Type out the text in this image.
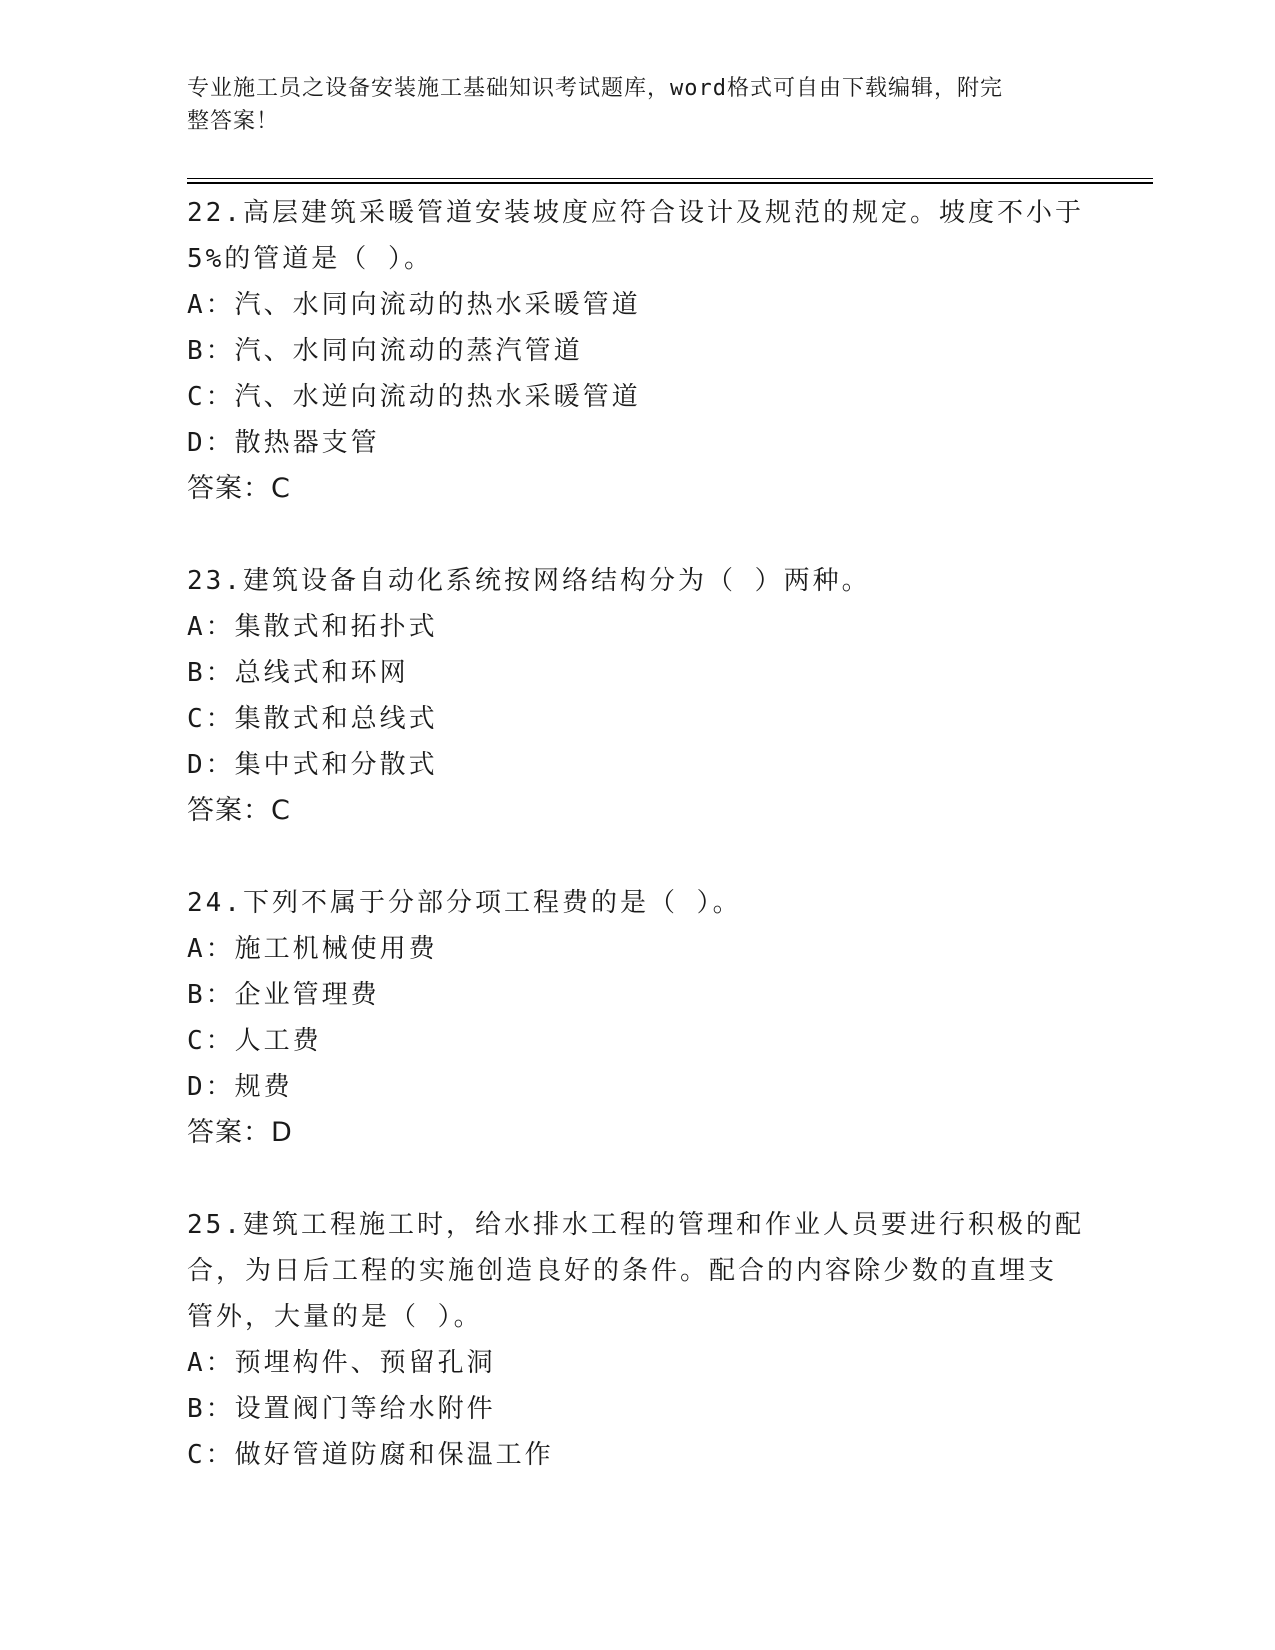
专业施工员之设备安装施工基础知识考试题库，word格式可自由下载编辑，附完
整答案！
22.高层建筑采暖管道安装坡度应符合设计及规范的规定。坡度不小于
5%的管道是（ ）。
A：汽、水同向流动的热水采暖管道
B：汽、水同向流动的蒸汽管道
C：汽、水逆向流动的热水采暖管道
D：散热器支管
答案：C
23.建筑设备自动化系统按网络结构分为（ ）两种。
A：集散式和拓扑式
B：总线式和环网
C：集散式和总线式
D：集中式和分散式
答案：C
24.下列不属于分部分项工程费的是（ ）。
A：施工机械使用费
B：企业管理费
C：人工费
D：规费
答案：D
25.建筑工程施工时，给水排水工程的管理和作业人员要进行积极的配
合，为日后工程的实施创造良好的条件。配合的内容除少数的直埋支
管外，大量的是（ ）。
A：预埋构件、预留孔洞
B：设置阀门等给水附件
C：做好管道防腐和保温工作
